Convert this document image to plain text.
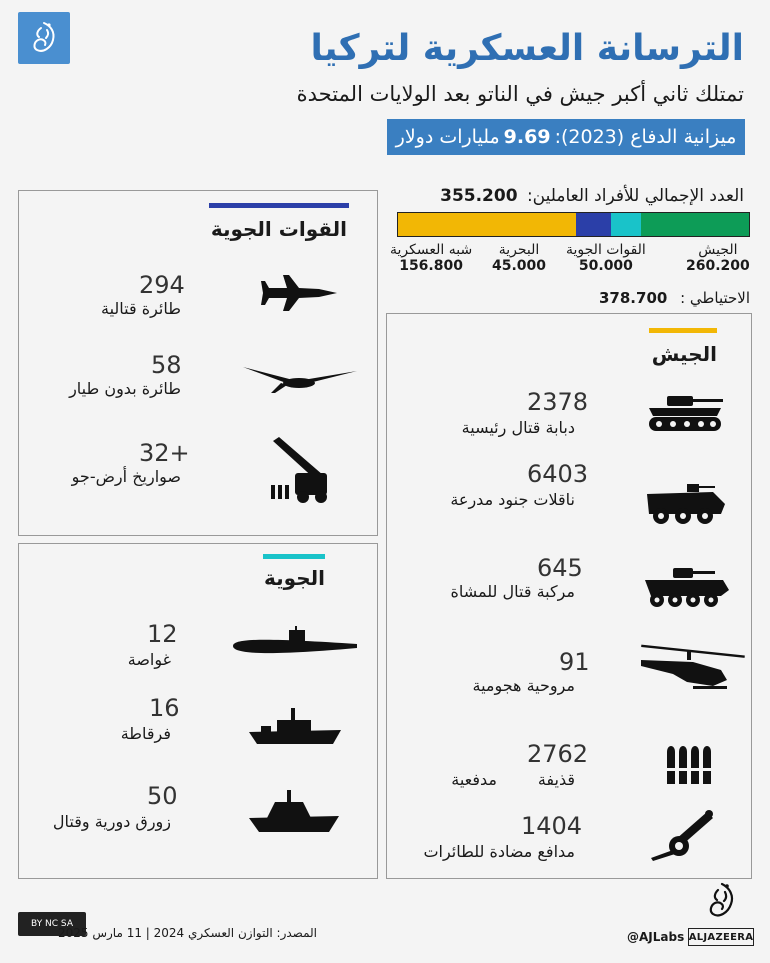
الترسانة العسكرية لتركيا
تمتلك ثاني أكبر جيش في الناتو بعد الولايات المتحدة
ميزانية الدفاع (2023):
9.69
مليارات دولار
العدد الإجمالي للأفراد العاملين: 355.200
الجيش
260.200
القوات الجوية
50.000
البحرية
45.000
شبه العسكرية
156.800
الاحتياطي : 378.700
القوات الجوية
294
طائرة قتالية
58
طائرة بدون طيار
32+
صواريخ أرض-جو
الجوية
12
غواصة
16
فرقاطة
50
زورق دورية وقتال
الجيش
2378
دبابة قتال رئيسية
6403
ناقلات جنود مدرعة
645
مركبة قتال للمشاة
91
مروحية هجومية
2762
قذيفة
مدفعية
1404
مدافع مضادة للطائرات
BY NC SA
المصدر: التوازن العسكري 2024 | 11 مارس 2025	@AJLabs ALJAZEERA
